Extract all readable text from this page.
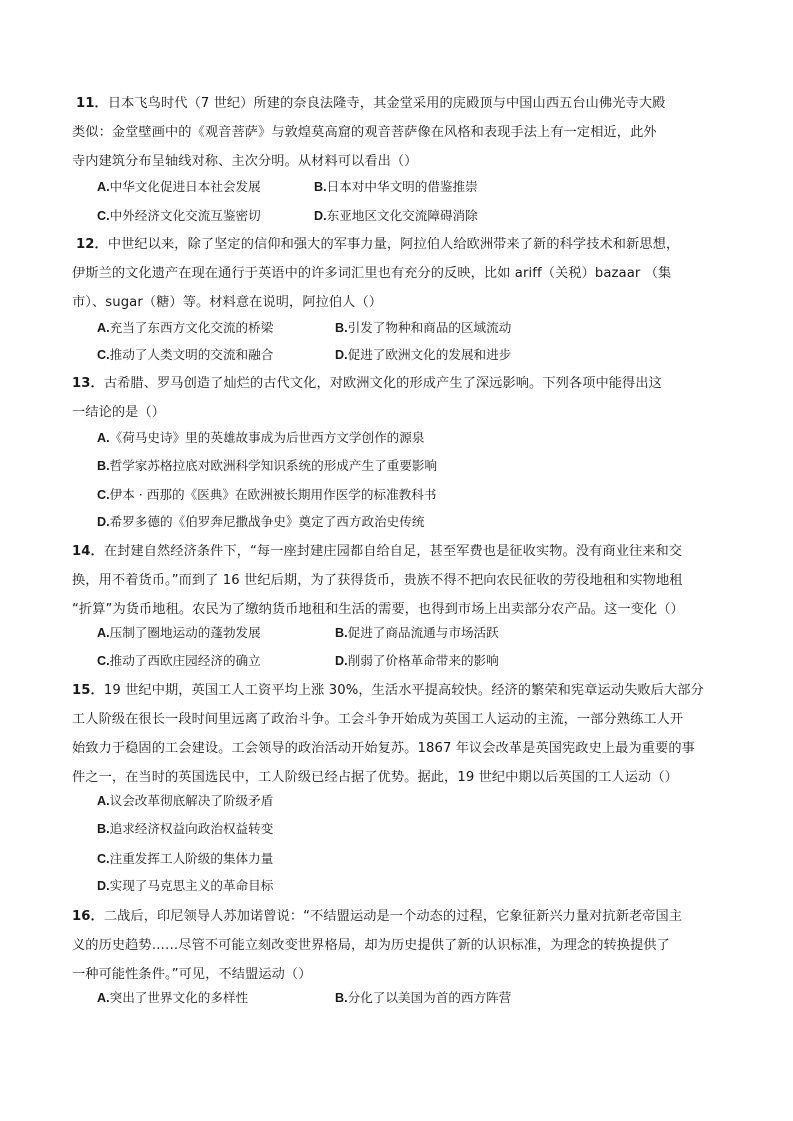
11．日本飞鸟时代（7 世纪）所建的奈良法隆寺，其金堂采用的庑殿顶与中国山西五台山佛光寺大殿
类似：金堂壁画中的《观音菩萨》与敦煌莫高窟的观音菩萨像在风格和表现手法上有一定相近，此外
寺内建筑分布呈轴线对称、主次分明。从材料可以看出（）
A.中华文化促进日本社会发展	B.日本对中华文明的借鉴推崇
C.中外经济文化交流互鉴密切	D.东亚地区文化交流障碍消除
12．中世纪以来，除了坚定的信仰和强大的军事力量，阿拉伯人给欧洲带来了新的科学技术和新思想，
伊斯兰的文化遗产在现在通行于英语中的许多词汇里也有充分的反映，比如 ariff（关税）bazaar （集
市）、sugar（糖）等。材料意在说明，阿拉伯人（）
A.充当了东西方文化交流的桥梁	B.引发了物种和商品的区域流动
C.推动了人类文明的交流和融合	D.促进了欧洲文化的发展和进步
13．古希腊、罗马创造了灿烂的古代文化，对欧洲文化的形成产生了深远影响。下列各项中能得出这
一结论的是（）
A.《荷马史诗》里的英雄故事成为后世西方文学创作的源泉
B.哲学家苏格拉底对欧洲科学知识系统的形成产生了重要影响
C.伊本 · 西那的《医典》在欧洲被长期用作医学的标准教科书
D.希罗多德的《伯罗奔尼撒战争史》奠定了西方政治史传统
14．在封建自然经济条件下，“每一座封建庄园都自给自足，甚至军费也是征收实物。没有商业往来和交
换，用不着货币。”而到了 16 世纪后期，为了获得货币，贵族不得不把向农民征收的劳役地租和实物地租
“折算”为货币地租。农民为了缴纳货币地租和生活的需要，也得到市场上出卖部分农产品。这一变化（）
A.压制了圈地运动的蓬勃发展	B.促进了商品流通与市场活跃
C.推动了西欧庄园经济的确立	D.削弱了价格革命带来的影响
15．19 世纪中期，英国工人工资平均上涨 30%，生活水平提高较快。经济的繁荣和宪章运动失败后大部分
工人阶级在很长一段时间里远离了政治斗争。工会斗争开始成为英国工人运动的主流，一部分熟练工人开
始致力于稳固的工会建设。工会领导的政治活动开始复苏。1867 年议会改革是英国宪政史上最为重要的事
件之一，在当时的英国选民中，工人阶级已经占据了优势。据此，19 世纪中期以后英国的工人运动（）
A.议会改革彻底解决了阶级矛盾
B.追求经济权益向政治权益转变
C.注重发挥工人阶级的集体力量
D.实现了马克思主义的革命目标
16．二战后，印尼领导人苏加诺曾说：“不结盟运动是一个动态的过程，它象征新兴力量对抗新老帝国主
义的历史趋势……尽管不可能立刻改变世界格局，却为历史提供了新的认识标准，为理念的转换提供了
一种可能性条件。”可见，不结盟运动（）
A.突出了世界文化的多样性	B.分化了以美国为首的西方阵营
